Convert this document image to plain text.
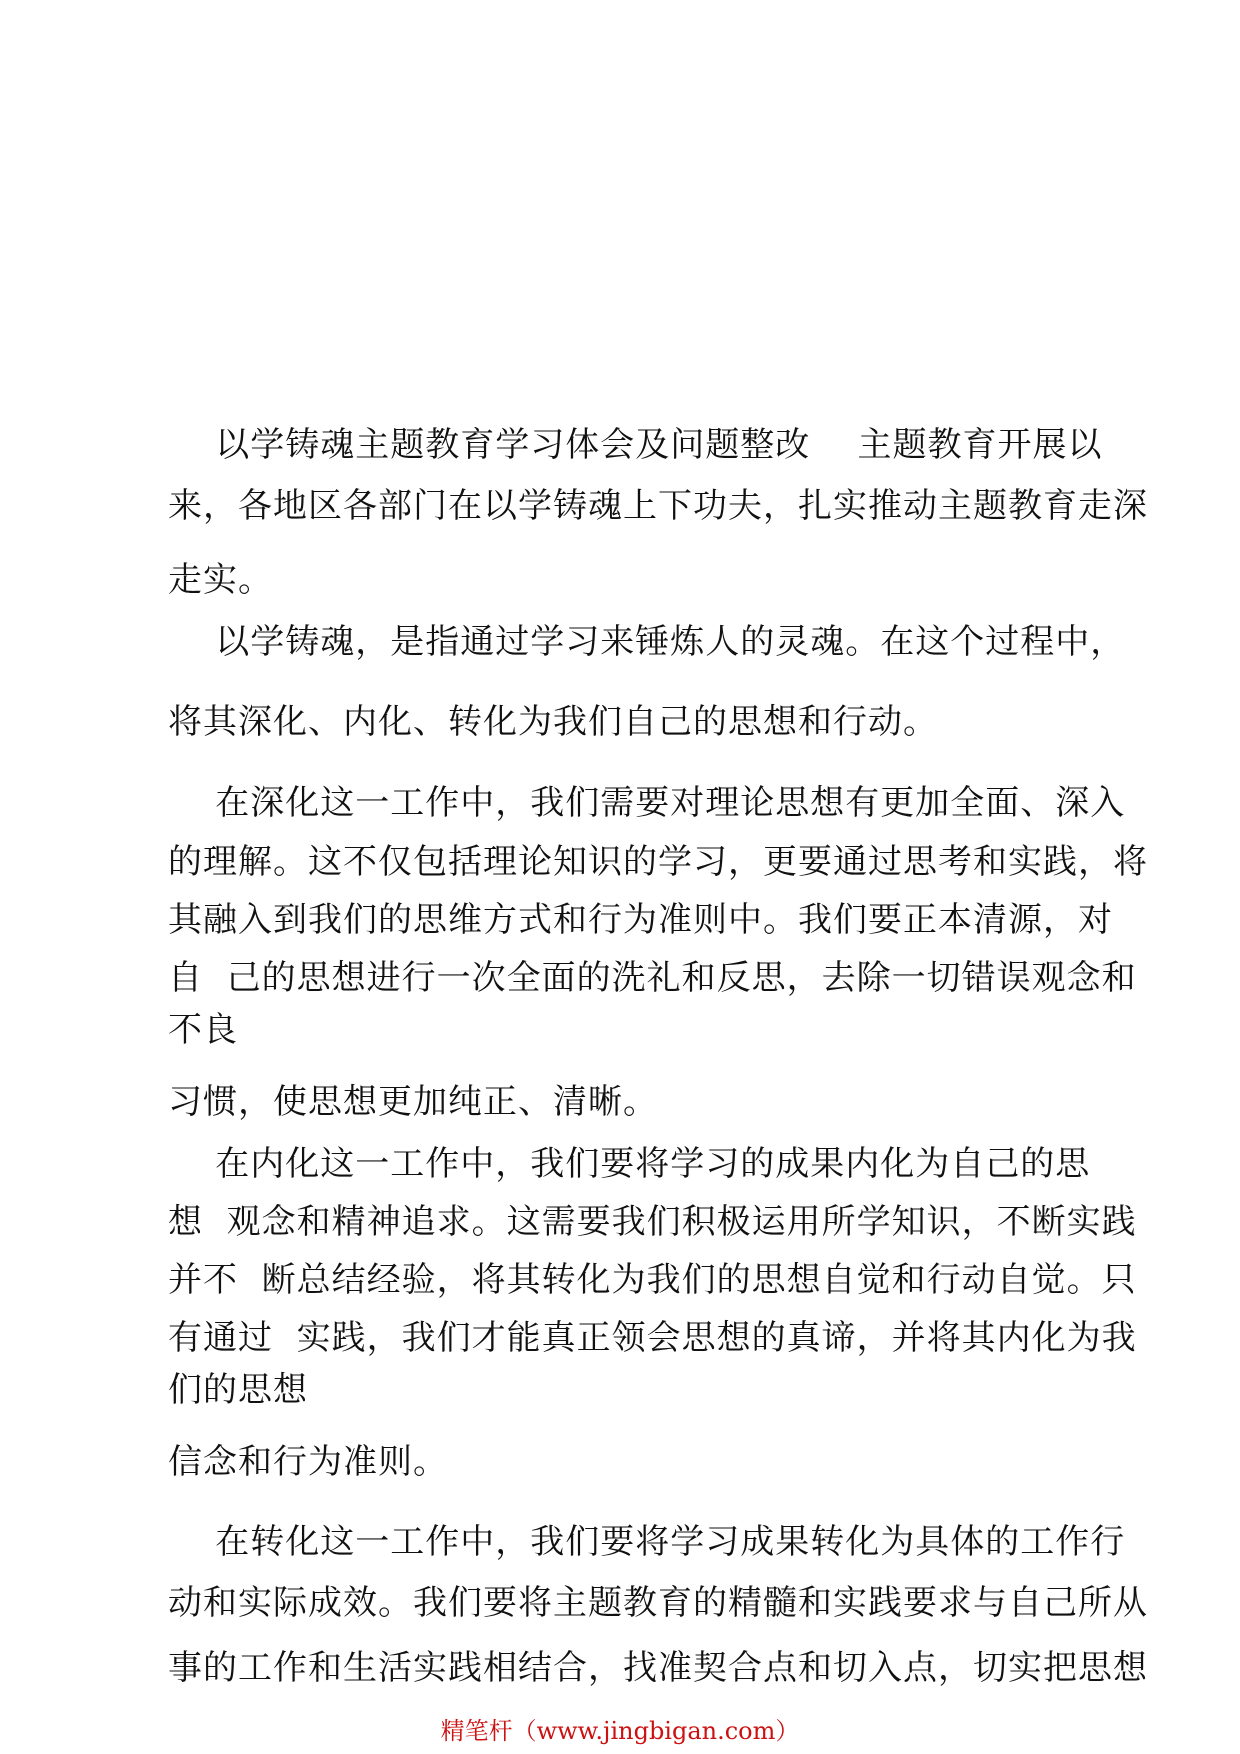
以学铸魂主题教育学习体会及问题整改    主题教育开展以
来，各地区各部门在以学铸魂上下功夫，扎实推动主题教育走深
走实。
以学铸魂，是指通过学习来锤炼人的灵魂。在这个过程中，
将其深化、内化、转化为我们自己的思想和行动。
在深化这一工作中，我们需要对理论思想有更加全面、深入
的理解。这不仅包括理论知识的学习，更要通过思考和实践，将
其融入到我们的思维方式和行为准则中。我们要正本清源，对
自  己的思想进行一次全面的洗礼和反思，去除一切错误观念和
不良
习惯，使思想更加纯正、清晰。
在内化这一工作中，我们要将学习的成果内化为自己的思
想  观念和精神追求。这需要我们积极运用所学知识，不断实践
并不  断总结经验，将其转化为我们的思想自觉和行动自觉。只
有通过  实践，我们才能真正领会思想的真谛，并将其内化为我
们的思想
信念和行为准则。
在转化这一工作中，我们要将学习成果转化为具体的工作行
动和实际成效。我们要将主题教育的精髓和实践要求与自己所从
事的工作和生活实践相结合，找准契合点和切入点，切实把思想
精笔杆（www.jingbigan.com）
